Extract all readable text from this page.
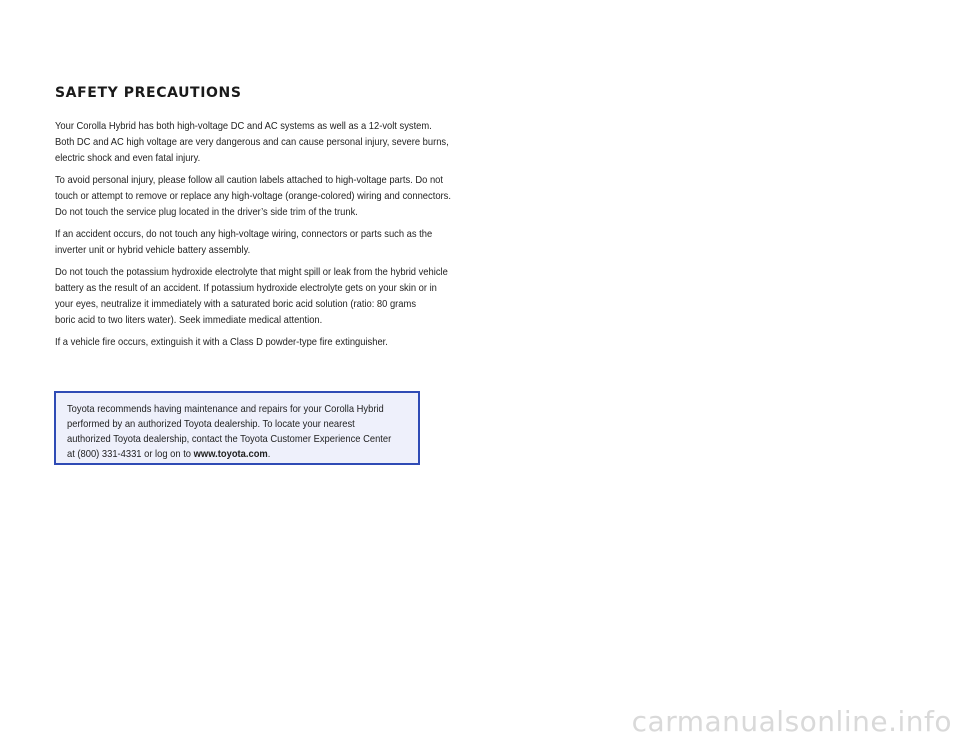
SAFETY PRECAUTIONS

Your Corolla Hybrid has both high-voltage DC and AC systems as well as a 12-volt system.
Both DC and AC high voltage are very dangerous and can cause personal injury, severe burns,
electric shock and even fatal injury.

To avoid personal injury, please follow all caution labels attached to high-voltage parts. Do not
touch or attempt to remove or replace any high-voltage (orange-colored) wiring and connectors.
Do not touch the service plug located in the driver’s side trim of the trunk.

If an accident occurs, do not touch any high-voltage wiring, connectors or parts such as the
inverter unit or hybrid vehicle battery assembly.

Do not touch the potassium hydroxide electrolyte that might spill or leak from the hybrid vehicle
battery as the result of an accident. If potassium hydroxide electrolyte gets on your skin or in
your eyes, neutralize it immediately with a saturated boric acid solution (ratio: 80 grams
boric acid to two liters water). Seek immediate medical attention.

If a vehicle fire occurs, extinguish it with a Class D powder-type fire extinguisher.

Toyota recommends having maintenance and repairs for your Corolla Hybrid
performed by an authorized Toyota dealership. To locate your nearest
authorized Toyota dealership, contact the Toyota Customer Experience Center
at (800) 331-4331 or log on to www.toyota.com.
carmanualsonline.info
